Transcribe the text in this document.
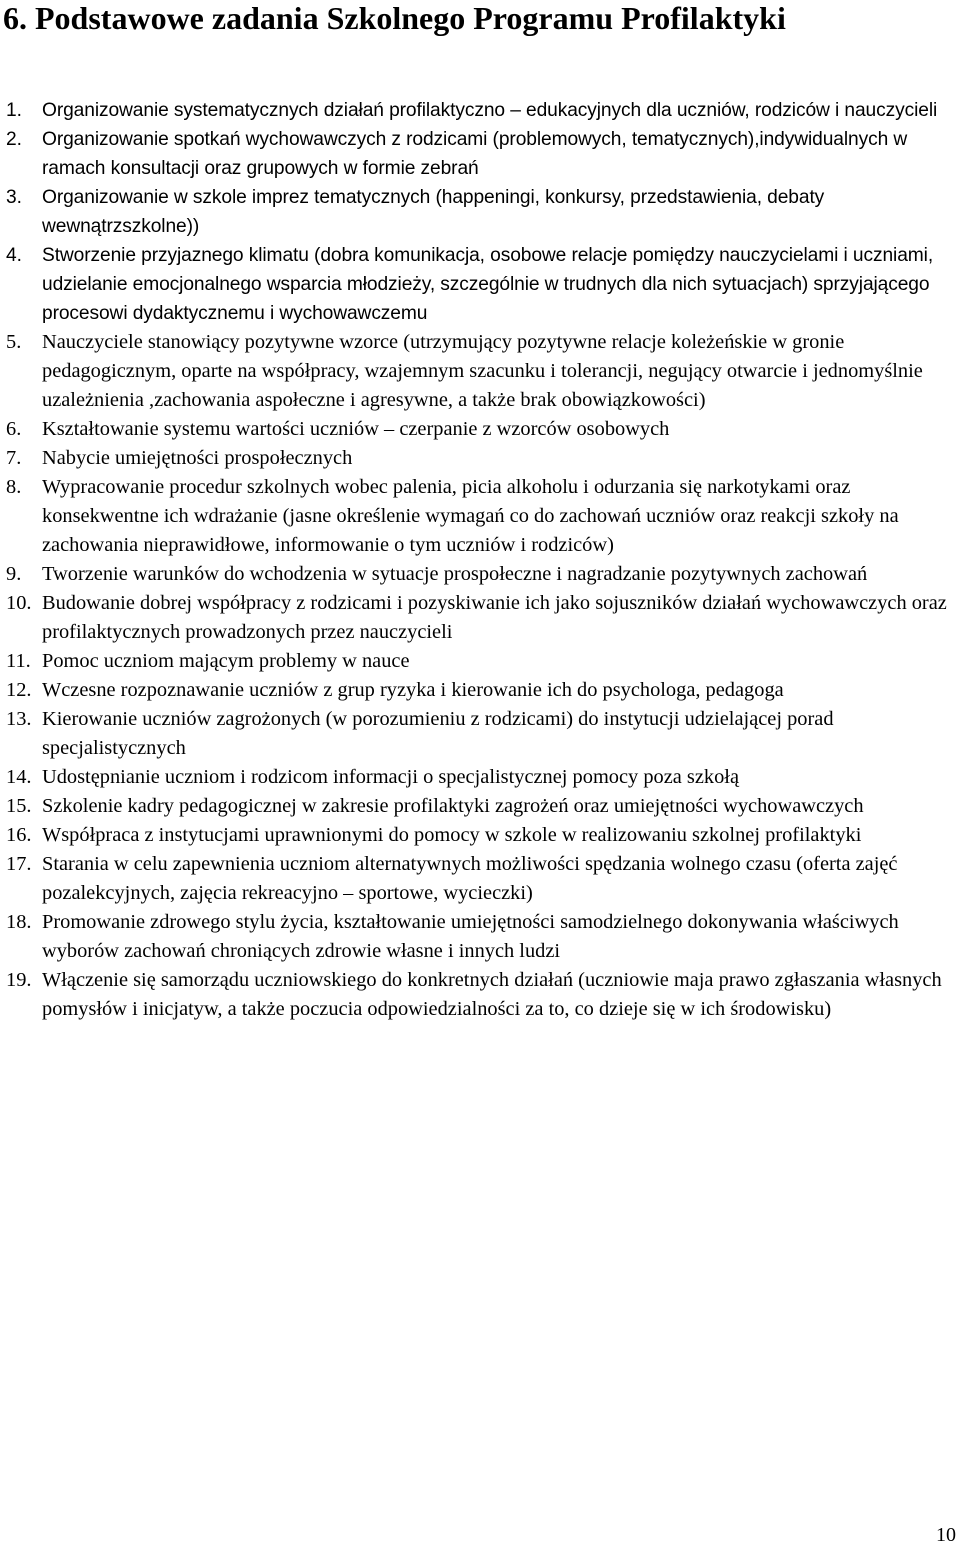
6. Podstawowe zadania Szkolnego Programu Profilaktyki
1. Organizowanie systematycznych działań profilaktyczno – edukacyjnych dla uczniów, rodziców i nauczycieli
2. Organizowanie spotkań wychowawczych z rodzicami (problemowych, tematycznych),indywidualnych w ramach konsultacji oraz grupowych w formie zebrań
3. Organizowanie w szkole imprez tematycznych (happeningi, konkursy, przedstawienia, debaty wewnątrzszkolne))
4. Stworzenie przyjaznego klimatu (dobra komunikacja, osobowe relacje pomiędzy nauczycielami i uczniami, udzielanie emocjonalnego wsparcia młodzieży, szczególnie w trudnych dla nich sytuacjach) sprzyjającego procesowi dydaktycznemu i wychowawczemu
5. Nauczyciele stanowiący pozytywne wzorce (utrzymujący pozytywne relacje koleżeńskie w gronie pedagogicznym, oparte na współpracy, wzajemnym szacunku i tolerancji, negujący otwarcie i jednomyślnie uzależnienia ,zachowania aspołeczne i agresywne, a także brak obowiązkowości)
6. Kształtowanie systemu wartości uczniów – czerpanie z wzorców osobowych
7. Nabycie umiejętności prospołecznych
8. Wypracowanie procedur szkolnych wobec palenia, picia alkoholu i odurzania się narkotykami oraz konsekwentne ich wdrażanie (jasne określenie wymagań co do zachowań uczniów oraz reakcji szkoły na zachowania nieprawidłowe, informowanie o tym uczniów i rodziców)
9. Tworzenie warunków do wchodzenia w sytuacje prospołeczne i nagradzanie pozytywnych zachowań
10. Budowanie dobrej współpracy z rodzicami i pozyskiwanie ich jako sojuszników działań wychowawczych oraz profilaktycznych prowadzonych przez nauczycieli
11. Pomoc uczniom mającym problemy w nauce
12. Wczesne rozpoznawanie uczniów z grup ryzyka i kierowanie ich do psychologa, pedagoga
13. Kierowanie uczniów zagrożonych (w porozumieniu z rodzicami) do instytucji udzielającej porad specjalistycznych
14. Udostępnianie uczniom i rodzicom informacji o specjalistycznej pomocy poza szkołą
15. Szkolenie kadry pedagogicznej w zakresie profilaktyki zagrożeń oraz umiejętności wychowawczych
16. Współpraca z instytucjami uprawnionymi do pomocy w szkole w realizowaniu szkolnej profilaktyki
17. Starania w celu zapewnienia uczniom alternatywnych możliwości spędzania wolnego czasu (oferta zajęć pozalekcyjnych, zajęcia rekreacyjno – sportowe, wycieczki)
18. Promowanie zdrowego stylu życia, kształtowanie umiejętności samodzielnego dokonywania właściwych wyborów zachowań chroniących zdrowie własne i innych ludzi
19. Włączenie się samorządu uczniowskiego do konkretnych działań (uczniowie maja prawo zgłaszania własnych pomysłów i inicjatyw, a także poczucia odpowiedzialności za to, co dzieje się w ich środowisku)
10
